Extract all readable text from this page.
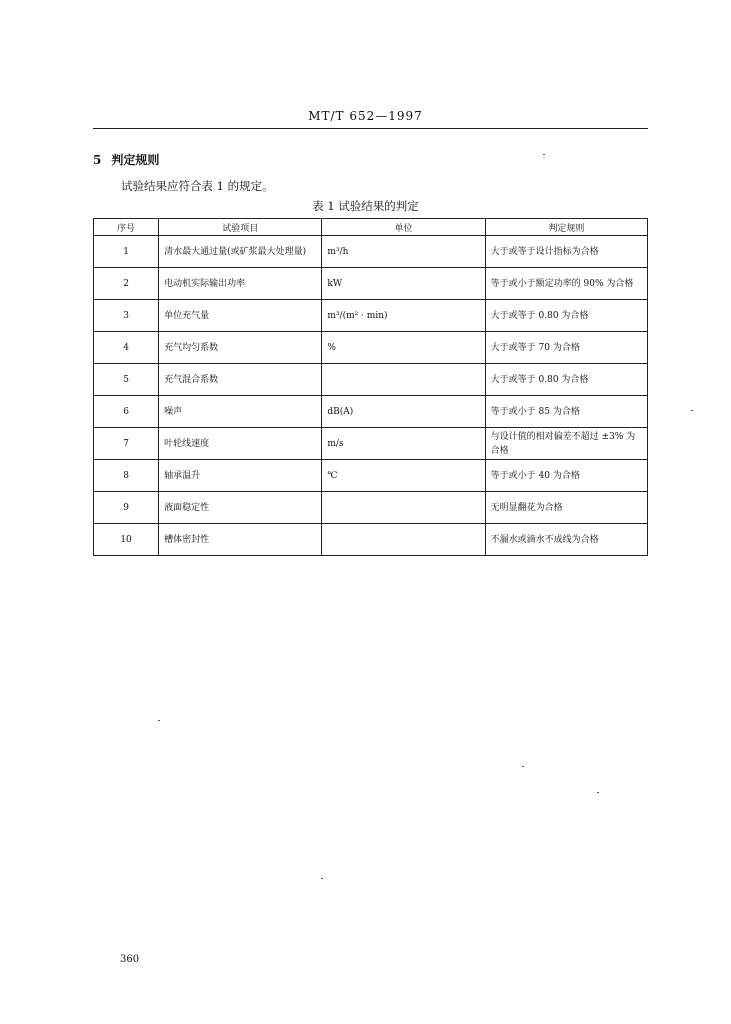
MT/T 652—1997
5 判定规则
试验结果应符合表 1 的规定。
表 1 试验结果的判定
序号	试验项目	单位	判定规则
1	清水最大通过量(或矿浆最大处理量)	m³/h	大于或等于设计指标为合格
2	电动机实际输出功率	kW	等于或小于额定功率的 90% 为合格
3	单位充气量	m³/(m² · min)	大于或等于 0.80 为合格
4	充气均匀系数	%	大于或等于 70 为合格
5	充气混合系数		大于或等于 0.80 为合格
6	噪声	dB(A)	等于或小于 85 为合格
7	叶轮线速度	m/s	与设计值的相对偏差不超过 ±3% 为合格
8	轴承温升	℃	等于或小于 40 为合格
9	液面稳定性		无明显翻花为合格
10	槽体密封性		不漏水或滴水不成线为合格
360
